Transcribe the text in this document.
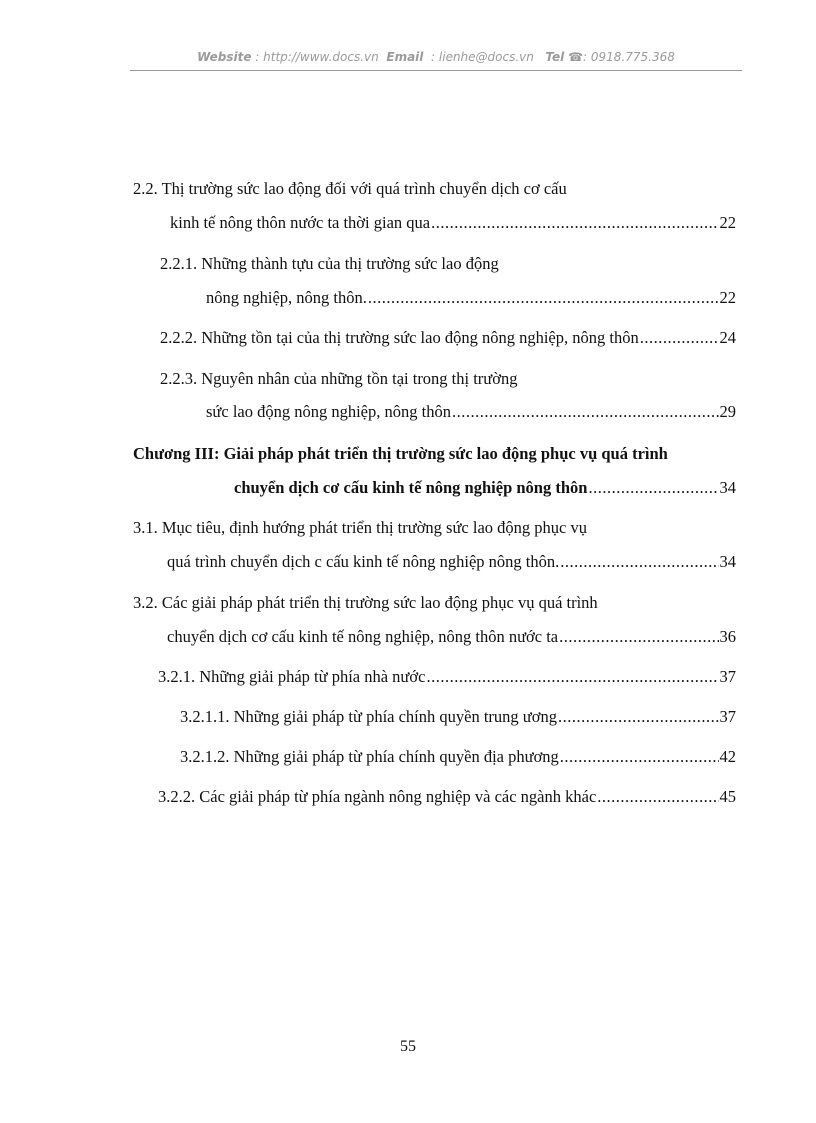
Website : http://www.docs.vn Email : lienhe@docs.vn Tel ☎: 0918.775.368
2.2. Thị trường sức lao động đối với quá trình chuyển dịch cơ cấu
kinh tế nông thôn nước ta thời gian qua .....	22
2.2.1. Những thành tựu của thị trường sức lao động
nông nghiệp, nông thôn. .....	22
2.2.2. Những tồn tại của thị trường sức lao động nông nghiệp, nông thôn .....	24
2.2.3. Nguyên nhân của những tồn tại trong thị trường
sức lao động nông nghiệp, nông thôn .....	29
Chương III: Giải pháp phát triển thị trường sức lao động phục vụ quá trình
chuyển dịch cơ cấu kinh tế nông nghiệp nông thôn .....	34
3.1. Mục tiêu, định hướng phát triển thị trường sức lao động phục vụ
quá trình chuyển dịch c cấu kinh tế nông nghiệp nông thôn. .....	34
3.2. Các giải pháp phát triển thị trường sức lao động phục vụ quá trình
chuyển dịch cơ cấu kinh tế nông nghiệp, nông thôn nước ta .....	36
3.2.1. Những giải pháp từ phía nhà nước .....	37
3.2.1.1. Những giải pháp từ phía chính quyền trung ương .....	37
3.2.1.2. Những giải pháp từ phía chính quyền địa phương .....	42
3.2.2. Các giải pháp từ phía ngành nông nghiệp và các ngành khác .....	45
55
